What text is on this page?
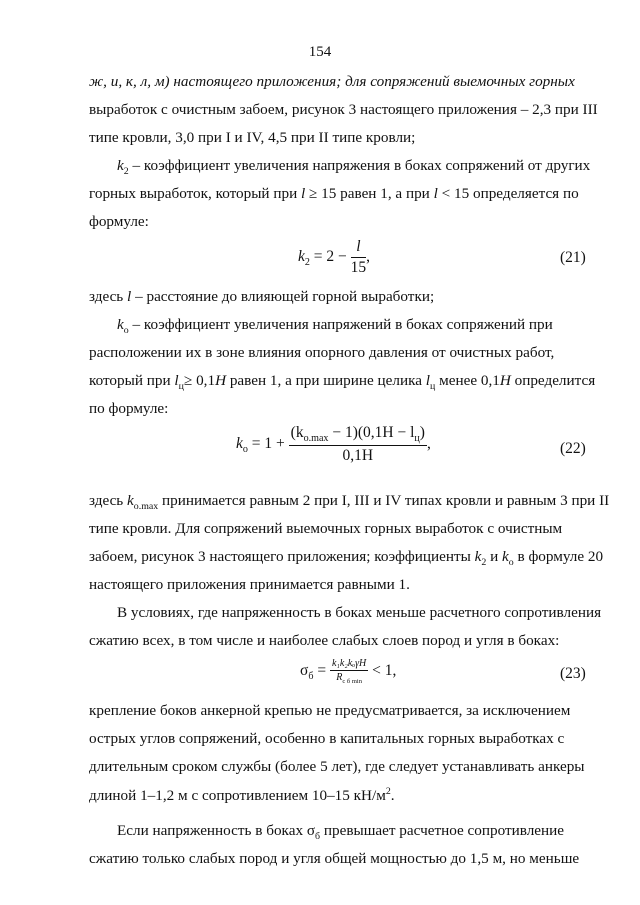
154
ж, и, к, л, м) настоящего приложения; для сопряжений выемочных горных
выработок с очистным забоем, рисунок 3 настоящего приложения – 2,3 при III
типе кровли, 3,0 при I и IV, 4,5 при II типе кровли;
$k_2$ – коэффициент увеличения напряжения в боках сопряжений от других
горных выработок, который при l ≥ 15 равен 1, а при l < 15 определяется по
формуле:
$k_2 = 2 - \frac{l}{15}$ ,	(21)
здесь l – расстояние до влияющей горной выработки;
$k_о$ – коэффициент увеличения напряжений в боках сопряжений при
расположении их в зоне влияния опорного давления от очистных работ,
который при $l_ц\ge 0,1H$ равен 1, а при ширине целика $l_ц$ менее 0,1H определится
по формуле:
$k_о = 1 + \frac{(k_{o.max} - 1)(0,1H - l_ц)}{0,1H}$ ,	(22)
здесь $k_{о.max}$ принимается равным 2 при I, III и IV типах кровли и равным 3 при II
типе кровли. Для сопряжений выемочных горных выработок с очистным
забоем, рисунок 3 настоящего приложения; коэффициенты $k_2$ и $k_о$ в формуле 20
настоящего приложения принимается равными 1.
В условиях, где напряженность в боках меньше расчетного сопротивления
сжатию всех, в том числе и наиболее слабых слоев пород и угля в боках:
$\sigma_б = \frac{\text{k₁k₂kₒγH}}{R_{с б min}} < 1$,	(23)
крепление боков анкерной крепью не предусматривается, за исключением
острых углов сопряжений, особенно в капитальных горных выработках с
длительным сроком службы (более 5 лет), где следует устанавливать анкеры
длиной 1–1,2 м с сопротивлением 10–15 $кН/м^2$.
Если напряженность в боках $\sigma_б$ превышает расчетное сопротивление
сжатию только слабых пород и угля общей мощностью до 1,5 м, но меньше
